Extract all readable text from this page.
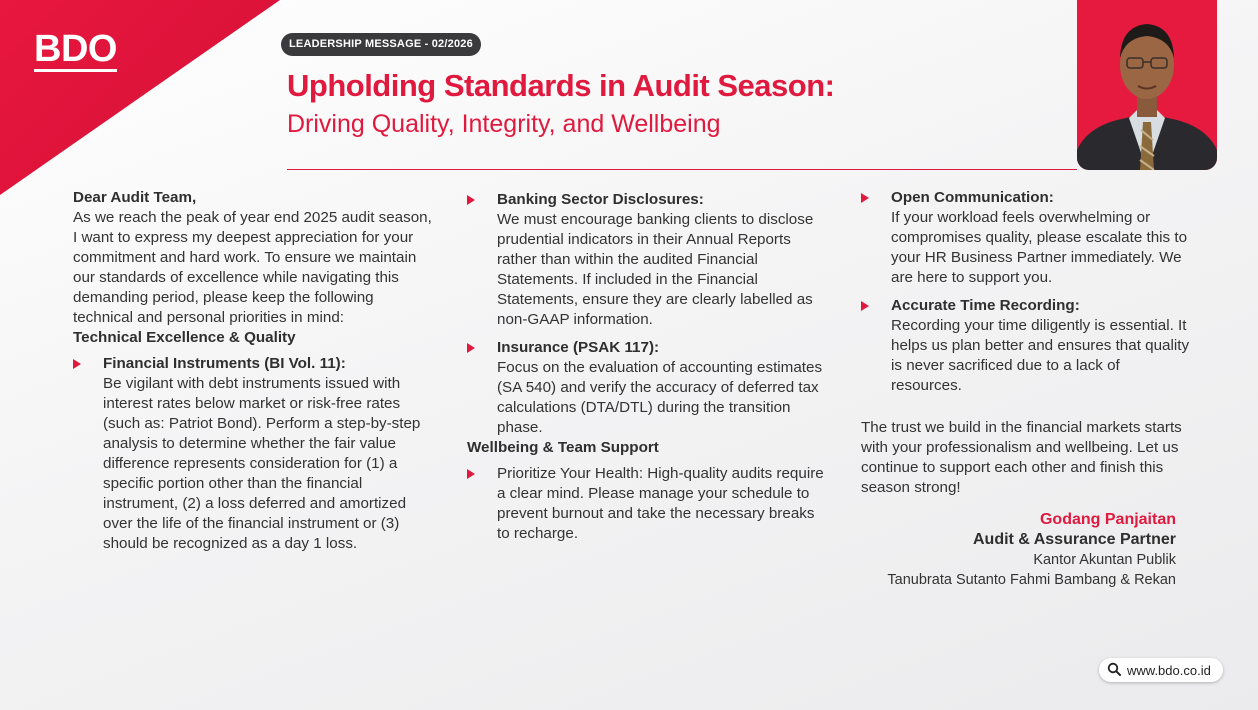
BDO	LEADERSHIP MESSAGE - 02/2026
Upholding Standards in Audit Season:
Driving Quality, Integrity, and Wellbeing

Dear Audit Team,

As we reach the peak of year end 2025 audit season, I want to express my deepest appreciation for your commitment and hard work. To ensure we maintain our standards of excellence while navigating this demanding period, please keep the following technical and personal priorities in mind:

Technical Excellence & Quality

Financial Instruments (BI Vol. 11):

Be vigilant with debt instruments issued with interest rates below market or risk-free rates (such as: Patriot Bond). Perform a step-by-step analysis to determine whether the fair value difference represents consideration for (1) a specific portion other than the financial instrument, (2) a loss deferred and amortized over the life of the financial instrument or (3) should be recognized as a day 1 loss.

Banking Sector Disclosures:

We must encourage banking clients to disclose prudential indicators in their Annual Reports rather than within the audited Financial Statements. If included in the Financial Statements, ensure they are clearly labelled as non-GAAP information.

Insurance (PSAK 117):

Focus on the evaluation of accounting estimates (SA 540) and verify the accuracy of deferred tax calculations (DTA/DTL) during the transition phase.

Wellbeing & Team Support

Prioritize Your Health: High-quality audits require a clear mind. Please manage your schedule to prevent burnout and take the necessary breaks to recharge.

Open Communication:

If your workload feels overwhelming or compromises quality, please escalate this to your HR Business Partner immediately. We are here to support you.

Accurate Time Recording:

Recording your time diligently is essential. It helps us plan better and ensures that quality is never sacrificed due to a lack of resources.

The trust we build in the financial markets starts with your professionalism and wellbeing. Let us continue to support each other and finish this season strong!

Godang Panjaitan

Audit & Assurance Partner

Kantor Akuntan Publik

Tanubrata Sutanto Fahmi Bambang & Rekan

www.bdo.co.id
